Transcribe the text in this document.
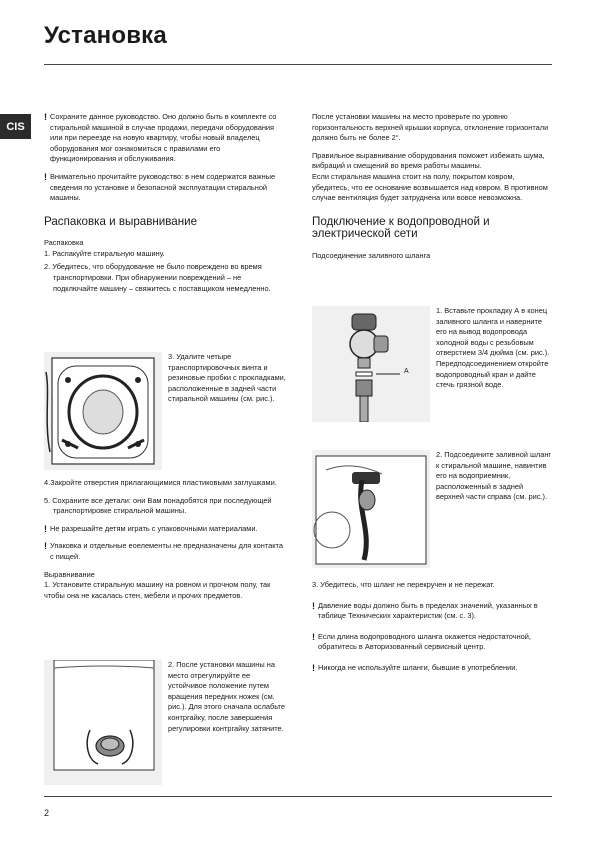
Установка
CIS
! Сохраните данное руководство. Оно должно быть в комплекте со стиральной машиной в случае продажи, передачи оборудования или при переезде на новую квартиру, чтобы новый владелец оборудования мог ознакомиться с правилами его функционирования и обслуживания.
! Внимательно прочитайте руководство: в нем содержатся важные сведения по установке и безопасной эксплуатации стиральной машины.
Распаковка и выравнивание
Распаковка
1. Распакуйте стиральную машину.
2. Убедитесь, что оборудование не было повреждено во время транспортировки. При обнаружении повреждений – не подключайте машину – свяжитесь с поставщиком немедленно.
3. Удалите четыре транспортировочных винта и резиновые пробки с прокладками, расположенные в задней части стиральной машины (см. рис.).
4.Закройте отверстия прилагающимися пластиковыми заглушками.
5. Сохраните все детали: они Вам понадобятся при последующей транспортировке стиральной машины.
! Не разрешайте детям играть с упаковочными материалами.
! Упаковка и отдельные еоелементы не предназначены для контакта с пищей.
Выравнивание
1. Установите стиральную машину на ровном и прочном полу, так чтобы она не касалась стен, мебели и прочих предметов.
2. После установки машины на место отрегулируйте ее устойчивое положение путем вращения передних ножек (см. рис.). Для этого сначала ослабьте контргайку, после завершения регулировки контргайку затяните.
После установки машины на место проверьте по уровню горизонтальность верхней крышки корпуса, отклонение горизонтали должно быть не более 2°.
Правильное выравнивание оборудования поможет избежать шума, вибраций и смещений во время работы машины.
Если стиральная машина стоит на полу, покрытом ковром, убедитесь, что ее основание возвышается над ковром. В противном случае вентиляция будет затруднена или вовсе невозможна.
Подключение к водопроводной и электрической сети
Подсоединение заливного шланга
A
1. Вставьте прокладку А в конец заливного шланга и наверните его на вывод водопровода холодной воды с резьбовым отверстием 3/4 дюйма (см. рис.). Передподсоединением откройте водопроводный кран и дайте стечь грязной воде.
2. Подсоедините заливной шланг к стиральной машине, навинтив его на водоприемник, расположенный в задней верхней части справа (см. рис.).
3. Убедитесь, что шланг не перекручен и не пережат.
! Давление воды должно быть в пределах значений, указанных в таблице Технических характеристик (см. с. 3).
! Если длина водопроводного шланга окажется недостаточной, обратитесь в Авторизованный сервисный центр.
! Никогда не используйте шланги, бывшие в употреблении.
2
